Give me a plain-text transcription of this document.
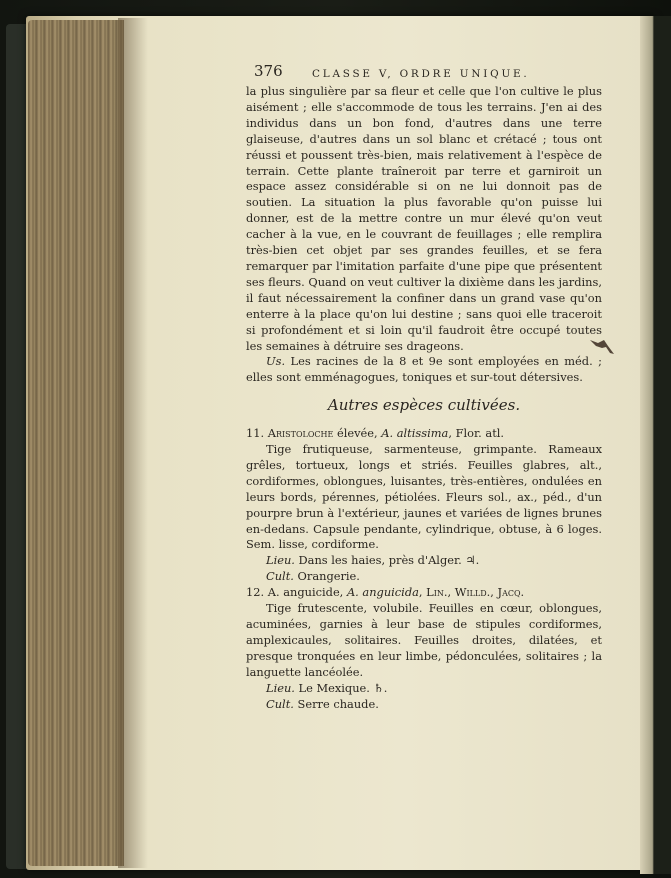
376	CLASSE V, ORDRE UNIQUE.

la plus singulière par sa fleur et celle que l'on cultive le plus aisément ; elle s'accommode de tous les terrains. J'en ai des individus dans un bon fond, d'autres dans une terre glaiseuse, d'autres dans un sol blanc et crétacé ; tous ont réussi et poussent très-bien, mais relativement à l'espèce de terrain. Cette plante traîneroit par terre et garniroit un espace assez considérable si on ne lui donnoit pas de soutien. La situation la plus favorable qu'on puisse lui donner, est de la mettre contre un mur élevé qu'on veut cacher à la vue, en le couvrant de feuillages ; elle remplira très-bien cet objet par ses grandes feuilles, et se fera remarquer par l'imitation parfaite d'une pipe que présentent ses fleurs. Quand on veut cultiver la dixième dans les jardins, il faut nécessairement la confiner dans un grand vase qu'on enterre à la place qu'on lui destine ; sans quoi elle traceroit si profondément et si loin qu'il faudroit être occupé toutes les semaines à détruire ses drageons.

Us. Les racines de la 8 et 9e sont employées en méd. ; elles sont emménagogues, toniques et sur-tout détersives.

Autres espèces cultivées.

11. Aristoloche élevée, A. altissima, Flor. atl.

Tige frutiqueuse, sarmenteuse, grimpante. Rameaux grêles, tortueux, longs et striés. Feuilles glabres, alt., cordiformes, oblongues, luisantes, très-entières, ondulées en leurs bords, pérennes, pétiolées. Fleurs sol., ax., péd., d'un pourpre brun à l'extérieur, jaunes et variées de lignes brunes en-dedans. Capsule pendante, cylindrique, obtuse, à 6 loges. Sem. lisse, cordiforme.

Lieu. Dans les haies, près d'Alger. ♃.

Cult. Orangerie.

12. A. anguicide, A. anguicida, Lin., Willd., Jacq.

Tige frutescente, volubile. Feuilles en cœur, oblongues, acuminées, garnies à leur base de stipules cordiformes, amplexicaules, solitaires. Feuilles droites, dilatées, et presque tronquées en leur limbe, pédonculées, solitaires ; la languette lancéolée.

Lieu. Le Mexique. ♄.

Cult. Serre chaude.
